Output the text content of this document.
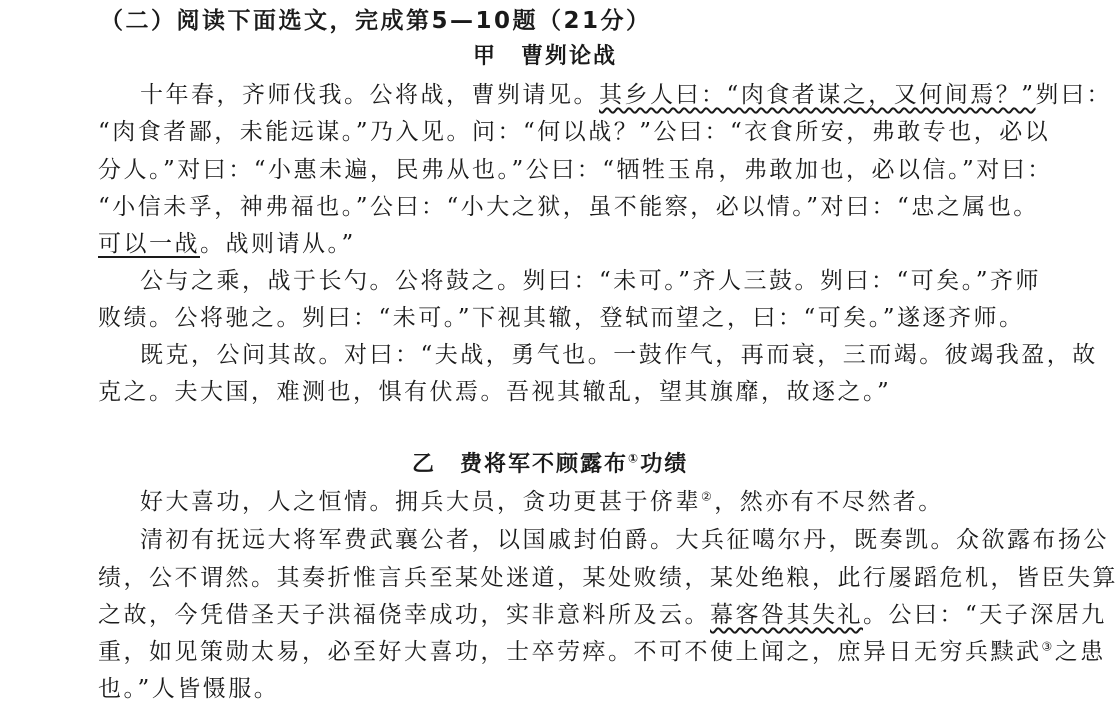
（二）阅读下面选文，完成第5—10题（21分）
甲　曹刿论战
十年春，齐师伐我。公将战，曹刿请见。其乡人曰：“肉食者谋之，又何间焉？”刿曰：
“肉食者鄙，未能远谋。”乃入见。问：“何以战？”公曰：“衣食所安，弗敢专也，必以
分人。”对曰：“小惠未遍，民弗从也。”公曰：“牺牲玉帛，弗敢加也，必以信。”对曰：
“小信未孚，神弗福也。”公曰：“小大之狱，虽不能察，必以情。”对曰：“忠之属也。
可以一战。战则请从。”
公与之乘，战于长勺。公将鼓之。刿曰：“未可。”齐人三鼓。刿曰：“可矣。”齐师
败绩。公将驰之。刿曰：“未可。”下视其辙，登轼而望之，曰：“可矣。”遂逐齐师。
既克，公问其故。对曰：“夫战，勇气也。一鼓作气，再而衰，三而竭。彼竭我盈，故
克之。夫大国，难测也，惧有伏焉。吾视其辙乱，望其旗靡，故逐之。”
乙　费将军不顾露布①功绩
好大喜功，人之恒情。拥兵大员，贪功更甚于侪辈②，然亦有不尽然者。
清初有抚远大将军费武襄公者，以国戚封伯爵。大兵征噶尔丹，既奏凯。众欲露布扬公
绩，公不谓然。其奏折惟言兵至某处迷道，某处败绩，某处绝粮，此行屡蹈危机，皆臣失算
之故，今凭借圣天子洪福侥幸成功，实非意料所及云。幕客咎其失礼。公曰：“天子深居九
重，如见策勋太易，必至好大喜功，士卒劳瘁。不可不使上闻之，庶异日无穷兵黩武③之患
也。”人皆慑服。
